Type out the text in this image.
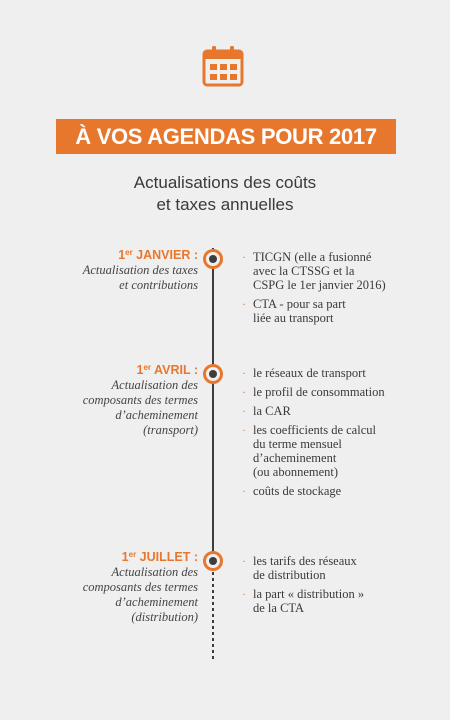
À VOS AGENDAS POUR 2017
Actualisations des coûts
et taxes annuelles
1er JANVIER :
Actualisation des taxes
et contributions
· TICGN (elle a fusionné
avec la CTSSG et la
CSPG le 1er janvier 2016)
· CTA - pour sa part
liée au transport
1er AVRIL :
Actualisation des
composants des termes
d’acheminement
(transport)
· le réseaux de transport
· le profil de consommation
· la CAR
· les coefficients de calcul
du terme mensuel
d’acheminement
(ou abonnement)
· coûts de stockage
1er JUILLET :
Actualisation des
composants des termes
d’acheminement
(distribution)
· les tarifs des réseaux
de distribution
· la part « distribution »
de la CTA
